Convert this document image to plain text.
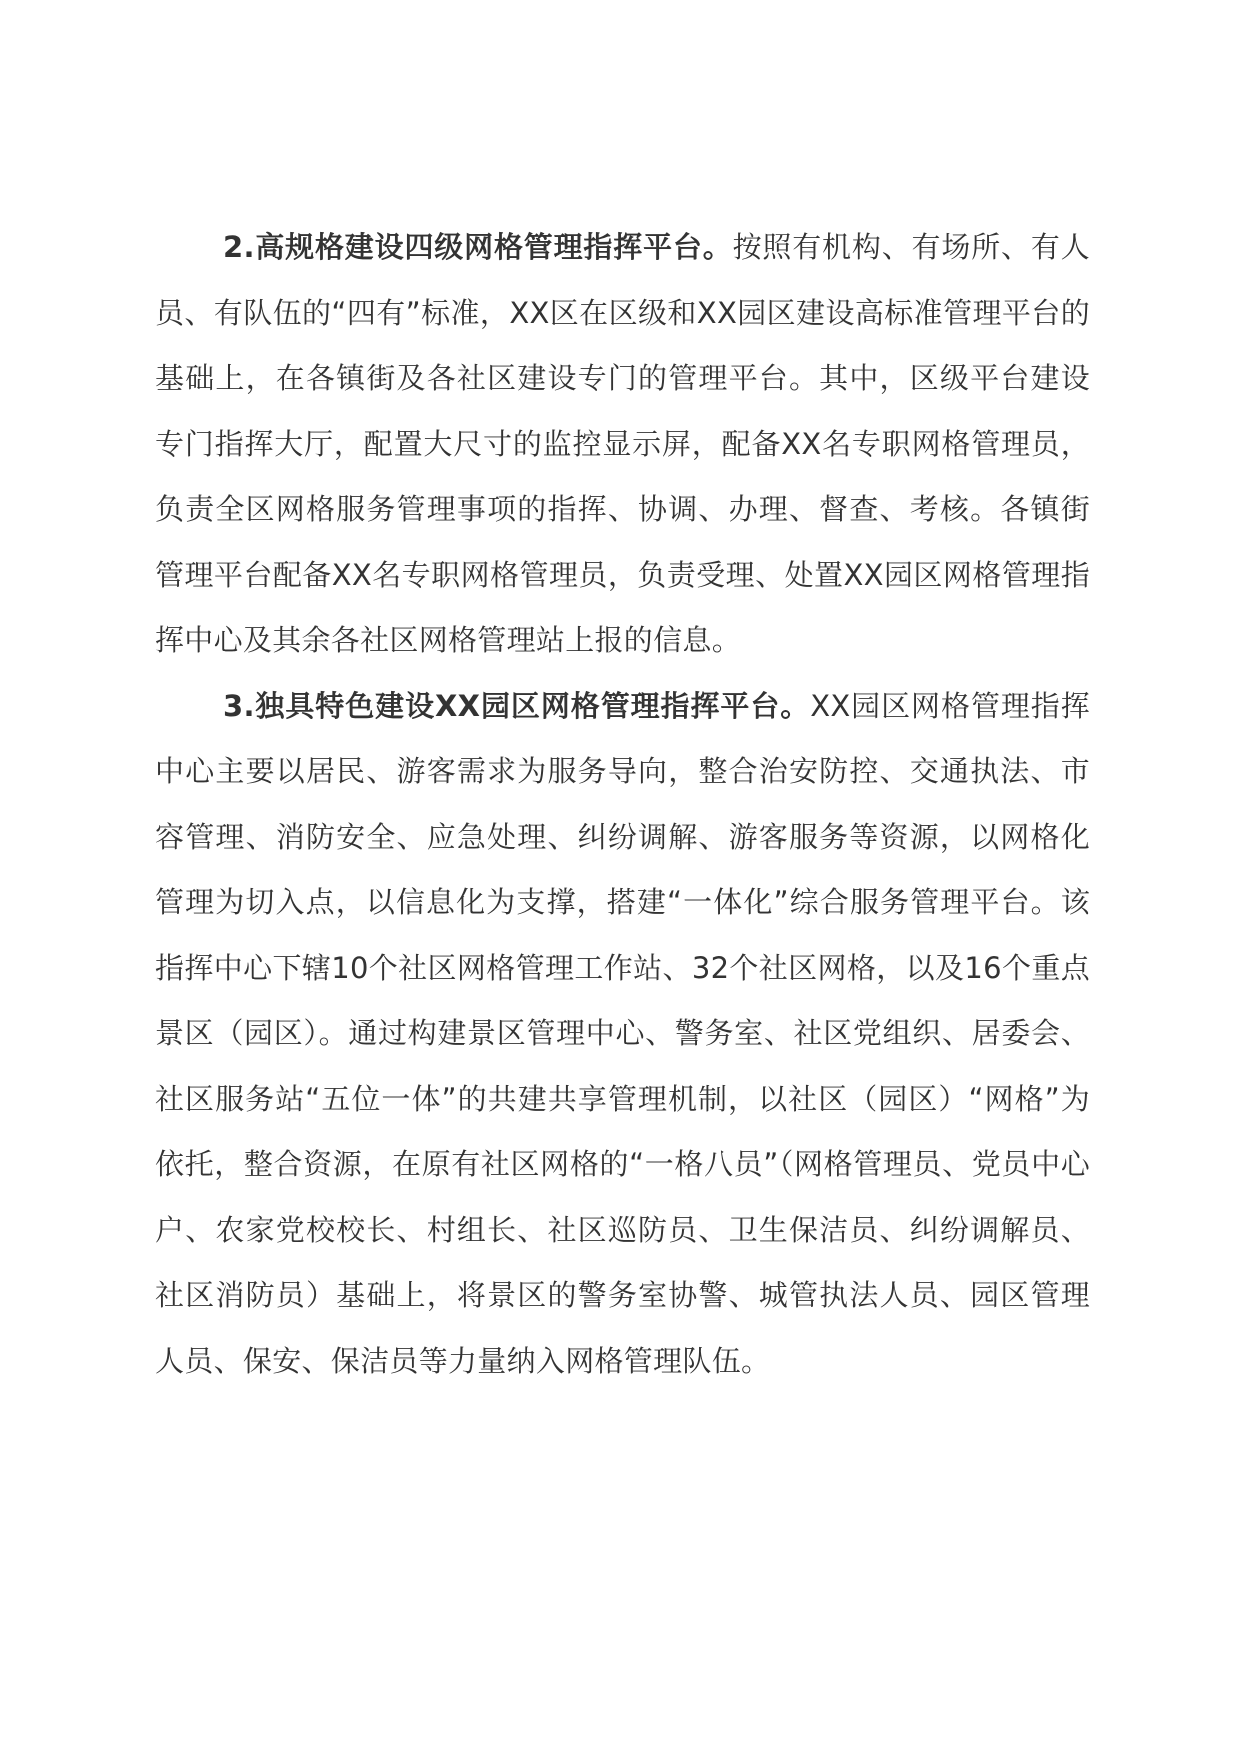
2.高规格建设四级网格管理指挥平台。按照有机构、有场所、有人员、有队伍的“四有”标准，XX区在区级和XX园区建设高标准管理平台的基础上，在各镇街及各社区建设专门的管理平台。其中，区级平台建设专门指挥大厅，配置大尺寸的监控显示屏，配备XX名专职网格管理员，负责全区网格服务管理事项的指挥、协调、办理、督查、考核。各镇街管理平台配备XX名专职网格管理员，负责受理、处置XX园区网格管理指挥中心及其余各社区网格管理站上报的信息。

3.独具特色建设XX园区网格管理指挥平台。XX园区网格管理指挥中心主要以居民、游客需求为服务导向，整合治安防控、交通执法、市容管理、消防安全、应急处理、纠纷调解、游客服务等资源，以网格化管理为切入点，以信息化为支撑，搭建“一体化”综合服务管理平台。该指挥中心下辖10个社区网格管理工作站、32个社区网格，以及16个重点景区（园区）。通过构建景区管理中心、警务室、社区党组织、居委会、社区服务站“五位一体”的共建共享管理机制，以社区（园区）“网格”为依托，整合资源，在原有社区网格的“一格八员”（网格管理员、党员中心户、农家党校校长、村组长、社区巡防员、卫生保洁员、纠纷调解员、社区消防员）基础上，将景区的警务室协警、城管执法人员、园区管理人员、保安、保洁员等力量纳入网格管理队伍。
